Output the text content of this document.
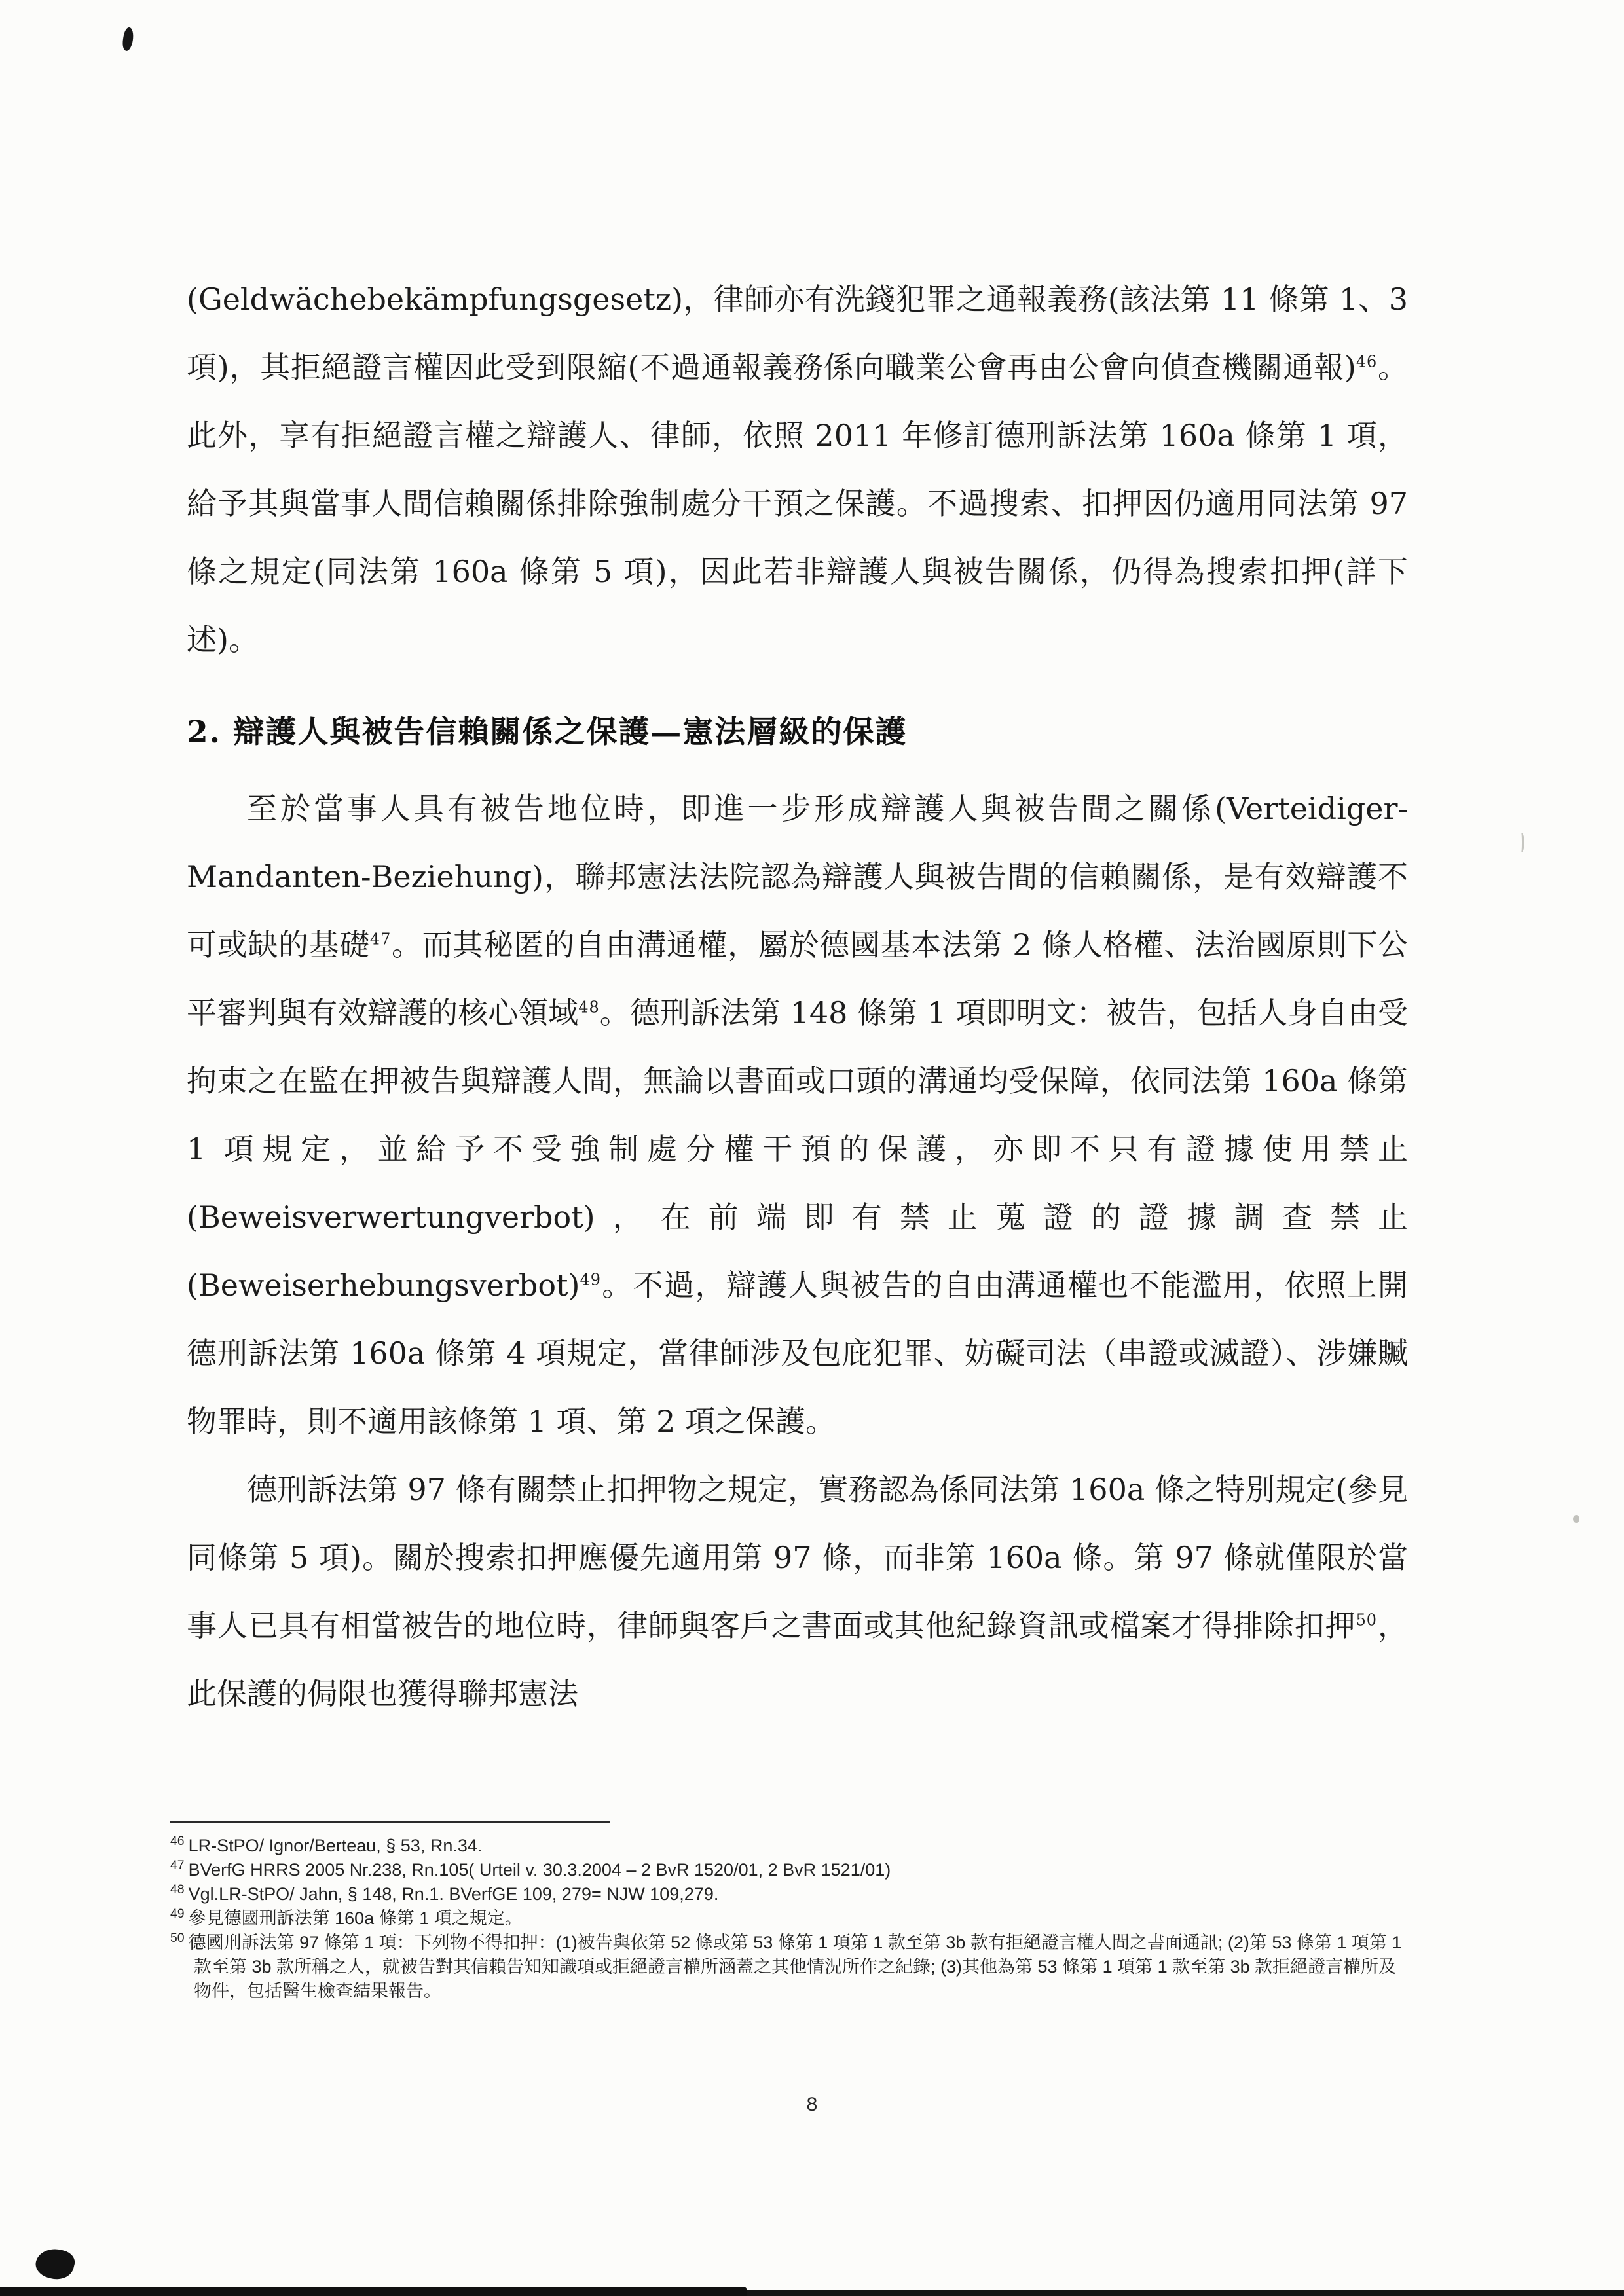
(Geldwächebekämpfungsgesetz)，律師亦有洗錢犯罪之通報義務(該法第 11 條第 1、3 項)，其拒絕證言權因此受到限縮(不過通報義務係向職業公會再由公會向偵查機關通報)$^{46}$。此外，享有拒絕證言權之辯護人、律師，依照 2011 年修訂德刑訴法第 160a 條第 1 項，給予其與當事人間信賴關係排除強制處分干預之保護。不過搜索、扣押因仍適用同法第 97 條之規定(同法第 160a 條第 5 項)，因此若非辯護人與被告關係，仍得為搜索扣押(詳下述)。

2. 辯護人與被告信賴關係之保護—憲法層級的保護

至於當事人具有被告地位時，即進一步形成辯護人與被告間之關係(Verteidiger-Mandanten-Beziehung)，聯邦憲法法院認為辯護人與被告間的信賴關係，是有效辯護不可或缺的基礎$^{47}$。而其秘匿的自由溝通權，屬於德國基本法第 2 條人格權、法治國原則下公平審判與有效辯護的核心領域$^{48}$。德刑訴法第 148 條第 1 項即明文：被告，包括人身自由受拘束之在監在押被告與辯護人間，無論以書面或口頭的溝通均受保障，依同法第 160a 條第 1 項規定，並給予不受強制處分權干預的保護，亦即不只有證據使用禁止(Beweisverwertungverbot)，在前端即有禁止蒐證的證據調查禁止(Beweiserhebungsverbot)$^{49}$。不過，辯護人與被告的自由溝通權也不能濫用，依照上開德刑訴法第 160a 條第 4 項規定，當律師涉及包庇犯罪、妨礙司法（串證或滅證）、涉嫌贓物罪時，則不適用該條第 1 項、第 2 項之保護。

德刑訴法第 97 條有關禁止扣押物之規定，實務認為係同法第 160a 條之特別規定(參見同條第 5 項)。關於搜索扣押應優先適用第 97 條，而非第 160a 條。第 97 條就僅限於當事人已具有相當被告的地位時，律師與客戶之書面或其他紀錄資訊或檔案才得排除扣押$^{50}$，此保護的侷限也獲得聯邦憲法

$^{46}$ LR-StPO/ Ignor/Berteau, § 53, Rn.34.
$^{47}$ BVerfG HRRS 2005 Nr.238, Rn.105( Urteil v. 30.3.2004 – 2 BvR 1520/01, 2 BvR 1521/01)
$^{48}$ Vgl.LR-StPO/ Jahn, § 148, Rn.1. BVerfGE 109, 279= NJW 109,279.
$^{49}$ 參見德國刑訴法第 160a 條第 1 項之規定。
$^{50}$ 德國刑訴法第 97 條第 1 項：下列物不得扣押：(1)被告與依第 52 條或第 53 條第 1 項第 1 款至第 3b 款有拒絕證言權人間之書面通訊; (2)第 53 條第 1 項第 1 款至第 3b 款所稱之人，就被告對其信賴告知知識項或拒絕證言權所涵蓋之其他情況所作之紀錄; (3)其他為第 53 條第 1 項第 1 款至第 3b 款拒絕證言權所及物件，包括醫生檢查結果報告。
8
